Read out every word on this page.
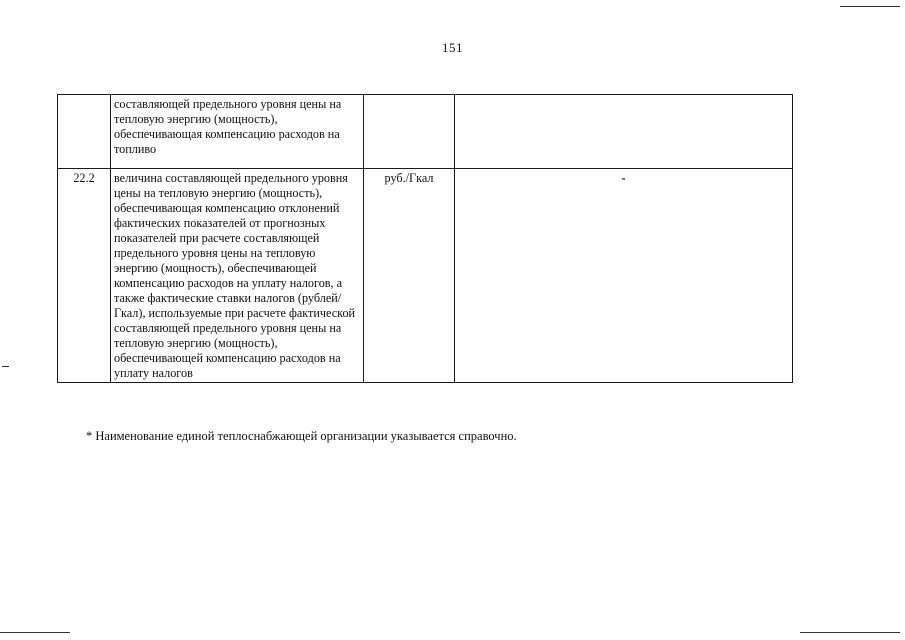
151
	составляющей предельного уровня цены на тепловую энергию (мощность), обеспечивающая компенсацию расходов на топливо		
22.2	величина составляющей предельного уровня цены на тепловую энергию (мощность), обеспечивающая компенсацию отклонений фактических показателей от прогнозных показателей при расчете составляющей предельного уровня цены на тепловую энергию (мощность), обеспечивающей компенсацию расходов на уплату налогов, а также фактические ставки налогов (рублей/Гкал), используемые при расчете фактической составляющей предельного уровня цены на тепловую энергию (мощность), обеспечивающей компенсацию расходов на уплату налогов	руб./Гкал	-
* Наименование единой теплоснабжающей организации указывается справочно.
